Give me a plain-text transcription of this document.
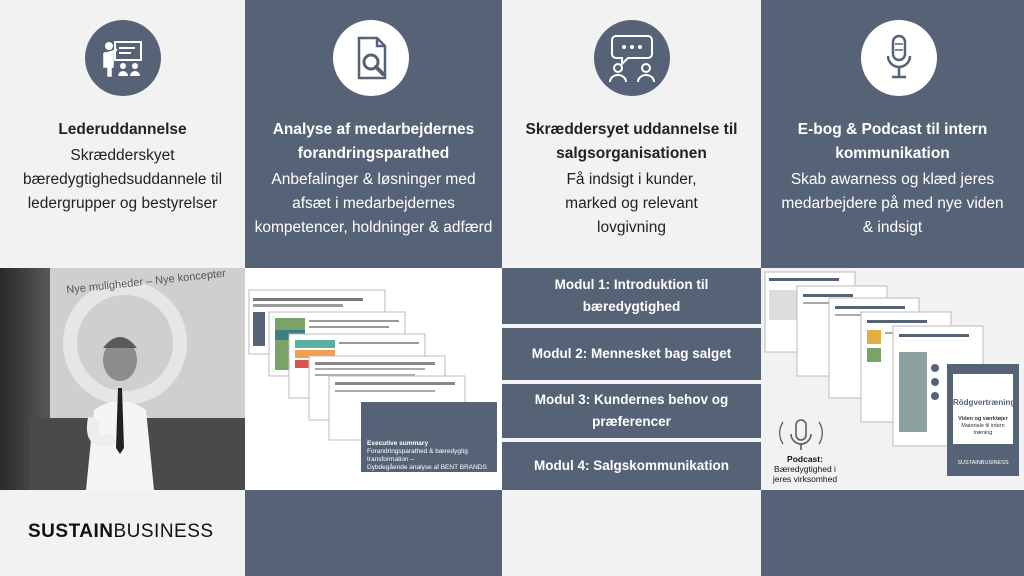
Lederuddannelse
Skrædderskyet bæredygtighedsuddannele til ledergrupper og bestyrelser
Nye muligheder – Nye koncepter
SUSTAINBUSINESS
Analyse af medarbejdernes forandringsparathed
Anbefalinger & løsninger med afsæt i medarbejdernes kompetencer, holdninger & adfærd
Executive summary
Forandringsparathed & bæredygtig transformation –
Dybdegående analyse af BENT BRANDS medarbejdere
Skræddersyet uddannelse til salgsorganisationen
Få indsigt i kunder, marked og relevant lovgivning
Modul 1: Introduktion til bæredygtighed
Modul 2: Mennesket bag salget
Modul 3: Kundernes behov og præferencer
Modul 4: Salgskommunikation
E-bog & Podcast til intern kommunikation
Skab awarness og klæd jeres medarbejdere på med nye viden & indsigt
Rödgvertræning
Viden og værktøjer
Materiale til intern træning
SUSTAINBUSINESS
Podcast:
Bæredygtighed i jeres virksomhed
